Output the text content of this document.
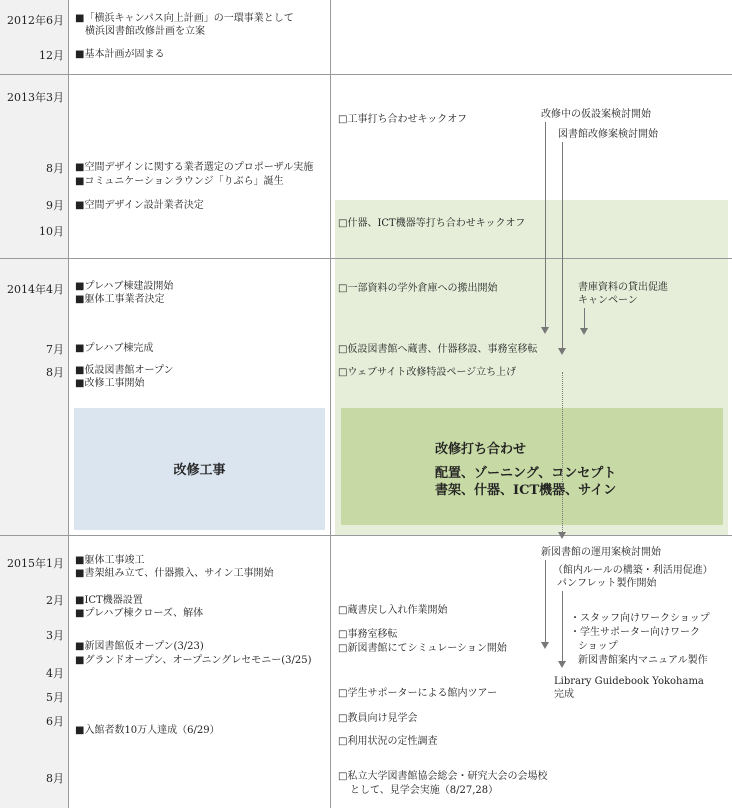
2012年6月
12月
2013年3月
8月
9月
10月
2014年4月
7月
8月
2015年1月
2月
3月
4月
5月
6月
8月
■「横浜キャンパス向上計画」の一環事業として
横浜図書館改修計画を立案
■基本計画が固まる
■空間デザインに関する業者選定のプロポーザル実施
■コミュニケーションラウンジ「りぶら」誕生
■空間デザイン設計業者決定
■プレハブ棟建設開始
■躯体工事業者決定
■プレハブ棟完成
■仮設図書館オープン
■改修工事開始
■躯体工事竣工
■書架組み立て、什器搬入、サイン工事開始
■ICT機器設置
■プレハブ棟クローズ、解体
■新図書館仮オープン(3/23)
■グランドオープン、オープニングレセモニー(3/25)
■入館者数10万人達成（6/29）
改修工事
□工事打ち合わせキックオフ
□什器、ICT機器等打ち合わせキックオフ
□一部資料の学外倉庫への搬出開始
□仮設図書館へ蔵書、什器移設、事務室移転
□ウェブサイト改修特設ページ立ち上げ
□蔵書戻し入れ作業開始
□事務室移転
□新図書館にてシミュレーション開始
□学生サポーターによる館内ツアー
□教員向け見学会
□利用状況の定性調査
□私立大学図書館協会総会・研究大会の会場校
として、見学会実施（8/27,28）
改修打ち合わせ
配置、ゾーニング、コンセプト
書架、什器、ICT機器、サイン
改修中の仮設案検討開始
図書館改修案検討開始
書庫資料の貸出促進
キャンペーン
新図書館の運用案検討開始
（館内ルールの構築・利活用促進）
パンフレット製作開始
・スタッフ向けワークショップ
・学生サポーター向けワーク
ショップ
新図書館案内マニュアル製作
Library Guidebook Yokohama
完成
